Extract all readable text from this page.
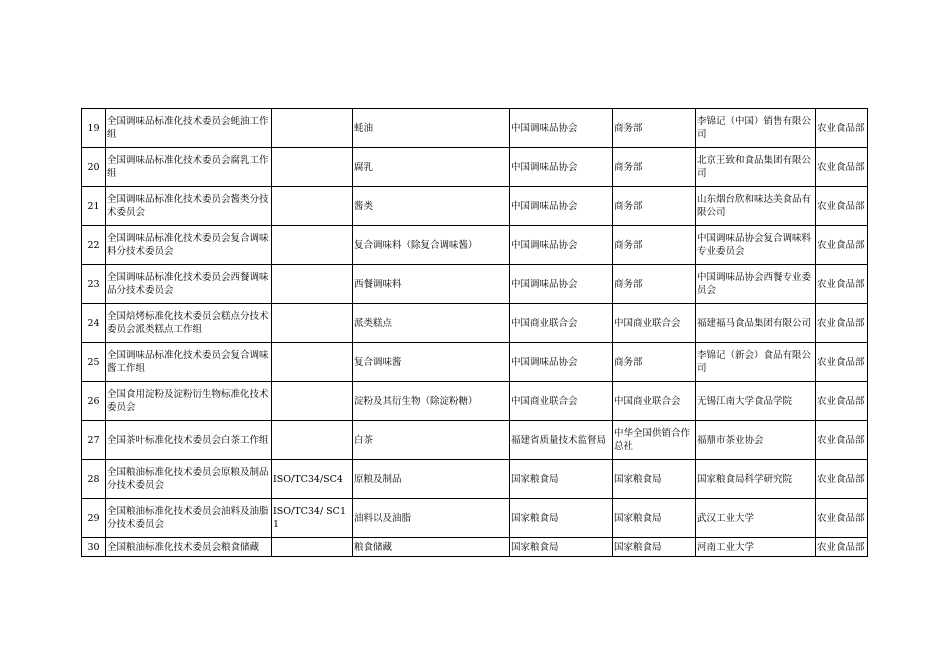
19	全国调味品标准化技术委员会蚝油工作组		蚝油	中国调味品协会	商务部	李锦记（中国）销售有限公司	农业食品部
20	全国调味品标准化技术委员会腐乳工作组		腐乳	中国调味品协会	商务部	北京王致和食品集团有限公司	农业食品部
21	全国调味品标准化技术委员会酱类分技术委员会		酱类	中国调味品协会	商务部	山东烟台欣和味达美食品有限公司	农业食品部
22	全国调味品标准化技术委员会复合调味料分技术委员会		复合调味料（除复合调味酱）	中国调味品协会	商务部	中国调味品协会复合调味料专业委员会	农业食品部
23	全国调味品标准化技术委员会西餐调味品分技术委员会		西餐调味料	中国调味品协会	商务部	中国调味品协会西餐专业委员会	农业食品部
24	全国焙烤标准化技术委员会糕点分技术委员会派类糕点工作组		派类糕点	中国商业联合会	中国商业联合会	福建福马食品集团有限公司	农业食品部
25	全国调味品标准化技术委员会复合调味酱工作组		复合调味酱	中国调味品协会	商务部	李锦记（新会）食品有限公司	农业食品部
26	全国食用淀粉及淀粉衍生物标准化技术委员会		淀粉及其衍生物（除淀粉糖）	中国商业联合会	中国商业联合会	无锡江南大学食品学院	农业食品部
27	全国茶叶标准化技术委员会白茶工作组		白茶	福建省质量技术监督局	中华全国供销合作总社	福鼎市茶业协会	农业食品部
28	全国粮油标准化技术委员会原粮及制品分技术委员会	ISO/TC34/SC4	原粮及制品	国家粮食局	国家粮食局	国家粮食局科学研究院	农业食品部
29	全国粮油标准化技术委员会油料及油脂分技术委员会	ISO/TC34/ SC11	油料以及油脂	国家粮食局	国家粮食局	武汉工业大学	农业食品部
30	全国粮油标准化技术委员会粮食储藏		粮食储藏	国家粮食局	国家粮食局	河南工业大学	农业食品部
